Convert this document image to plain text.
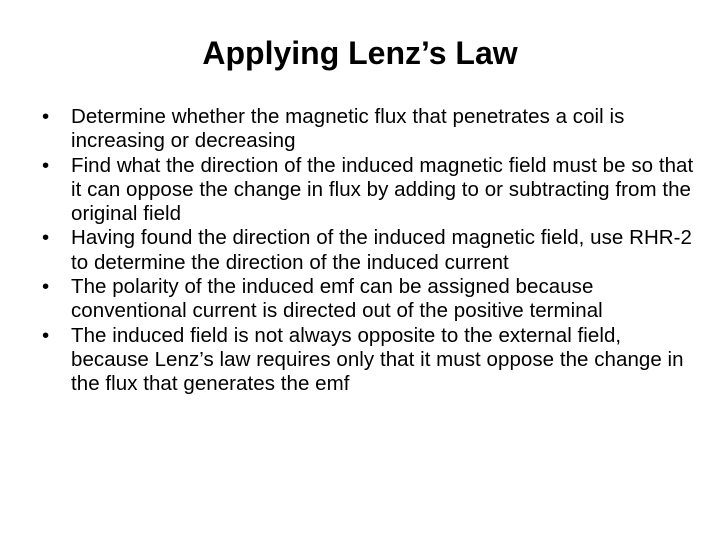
Applying Lenz’s Law
•	Determine whether the magnetic flux that penetrates a coil is increasing or decreasing
•	Find what the direction of the induced magnetic field must be so that it can oppose the change in flux by adding to or subtracting from the original field
•	Having found the direction of the induced magnetic field, use RHR-2 to determine the direction of the induced current
•	The polarity of the induced emf can be assigned because conventional current is directed out of the positive terminal
•	The induced field is not always opposite to the external field, because Lenz’s law requires only that it must oppose the change in the flux that generates the emf
